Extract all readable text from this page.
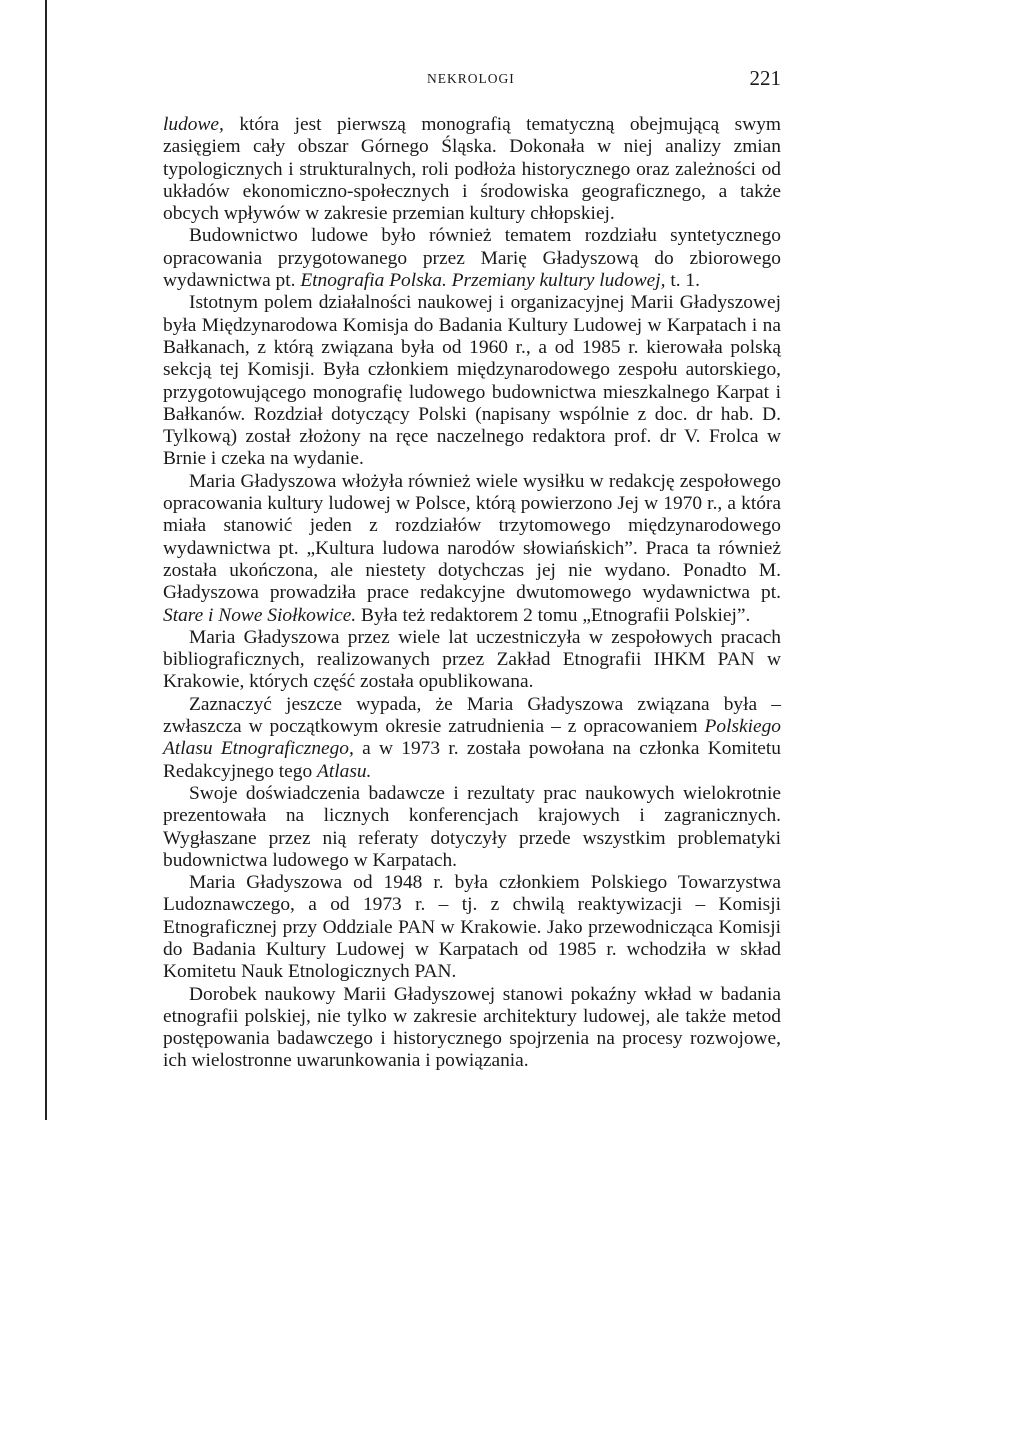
NEKROLOGI	221

ludowe, która jest pierwszą monografią tematyczną obejmującą swym zasięgiem cały obszar Górnego Śląska. Dokonała w niej analizy zmian typologicznych i strukturalnych, roli podłoża historycznego oraz zależności od układów ekonomiczno-społecznych i środowiska geograficznego, a także obcych wpływów w zakresie przemian kultury chłopskiej.

Budownictwo ludowe było również tematem rozdziału syntetycznego opracowania przygotowanego przez Marię Gładyszową do zbiorowego wydawnictwa pt. Etnografia Polska. Przemiany kultury ludowej, t. 1.

Istotnym polem działalności naukowej i organizacyjnej Marii Gładyszowej była Międzynarodowa Komisja do Badania Kultury Ludowej w Karpatach i na Bałkanach, z którą związana była od 1960 r., a od 1985 r. kierowała polską sekcją tej Komisji. Była członkiem międzynarodowego zespołu autorskiego, przygotowującego monografię ludowego budownictwa mieszkalnego Karpat i Bałkanów. Rozdział dotyczący Polski (napisany wspólnie z doc. dr hab. D. Tylkową) został złożony na ręce naczelnego redaktora prof. dr V. Frolca w Brnie i czeka na wydanie.

Maria Gładyszowa włożyła również wiele wysiłku w redakcję zespołowego opracowania kultury ludowej w Polsce, którą powierzono Jej w 1970 r., a która miała stanowić jeden z rozdziałów trzytomowego międzynarodowego wydawnictwa pt. „Kultura ludowa narodów słowiańskich”. Praca ta również została ukończona, ale niestety dotychczas jej nie wydano. Ponadto M. Gładyszowa prowadziła prace redakcyjne dwutomowego wydawnictwa pt. Stare i Nowe Siołkowice. Była też redaktorem 2 tomu „Etnografii Polskiej”.

Maria Gładyszowa przez wiele lat uczestniczyła w zespołowych pracach bibliograficznych, realizowanych przez Zakład Etnografii IHKM PAN w Krakowie, których część została opublikowana.

Zaznaczyć jeszcze wypada, że Maria Gładyszowa związana była – zwłaszcza w początkowym okresie zatrudnienia – z opracowaniem Polskiego Atlasu Etnograficznego, a w 1973 r. została powołana na członka Komitetu Redakcyjnego tego Atlasu.

Swoje doświadczenia badawcze i rezultaty prac naukowych wielokrotnie prezentowała na licznych konferencjach krajowych i zagranicznych. Wygłaszane przez nią referaty dotyczyły przede wszystkim problematyki budownictwa ludowego w Karpatach.

Maria Gładyszowa od 1948 r. była członkiem Polskiego Towarzystwa Ludoznawczego, a od 1973 r. – tj. z chwilą reaktywizacji – Komisji Etnograficznej przy Oddziale PAN w Krakowie. Jako przewodnicząca Komisji do Badania Kultury Ludowej w Karpatach od 1985 r. wchodziła w skład Komitetu Nauk Etnologicznych PAN.

Dorobek naukowy Marii Gładyszowej stanowi pokaźny wkład w badania etnografii polskiej, nie tylko w zakresie architektury ludowej, ale także metod postępowania badawczego i historycznego spojrzenia na procesy rozwojowe, ich wielostronne uwarunkowania i powiązania.
